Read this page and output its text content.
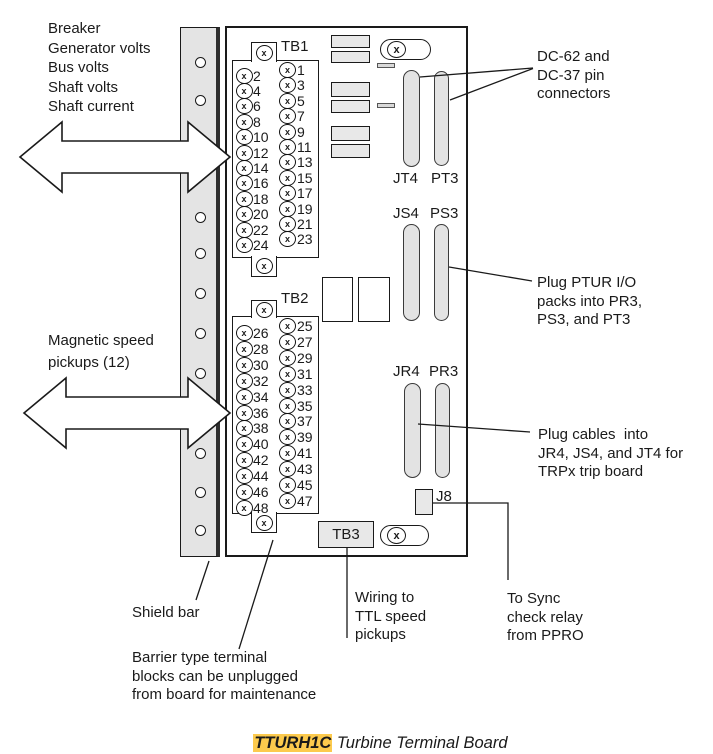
TB1
TB2
x
JT4 PT3
JS4 PS3
JR4 PR3
J8
TB3	x
Breaker
Generator volts
Bus volts
Shaft volts
Shaft current
Magnetic speed
pickups (12)
DC-62 and
DC-37 pin
connectors
Plug PTUR I/O
packs into PR3,
PS3, and PT3
Plug cables  into
JR4, JS4, and JT4 for
TRPx trip board
To Sync
check relay
from PPRO
Wiring to
TTL speed
pickups
Shield bar
Barrier type terminal
blocks can be unplugged
from board for maintenance

TTURH1C Turbine Terminal Board

x
x
x 1
x 3
x 5
x 7
x 9
x 11
x 13
x 15
x 17
x 19
x 21
x 23
x 2
x 4
x 6
x 8
x 10
x 12
x 14
x 16
x 18
x 20
x 22
x 24
x
x
x 25
x 27
x 29
x 31
x 33
x 35
x 37
x 39
x 41
x 43
x 45
x 47
x 26
x 28
x 30
x 32
x 34
x 36
x 38
x 40
x 42
x 44
x 46
x 48
